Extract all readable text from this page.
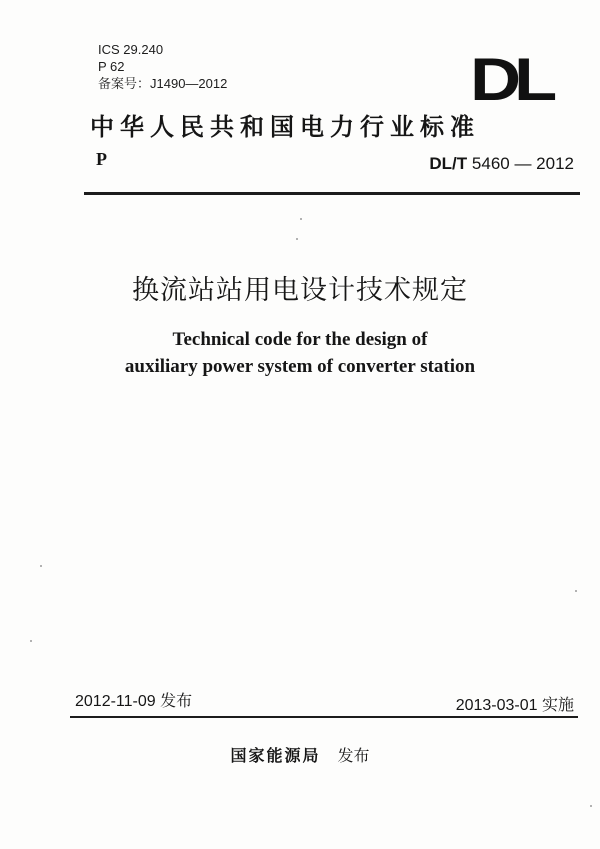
ICS 29.240
P 62
备案号：J1490—2012	DL
中华人民共和国电力行业标准
P	DL/T 5460 — 2012
换流站站用电设计技术规定
Technical code for the design of
auxiliary power system of converter station
2012-11-09 发布	2013-03-01 实施
国家能源局 发布
